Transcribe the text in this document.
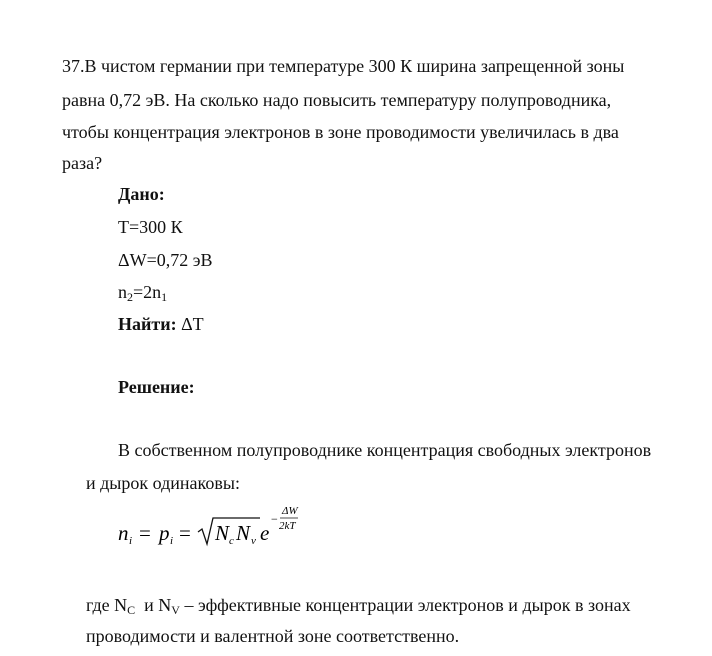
37.В чистом германии при температуре 300 К ширина запрещенной зоны
равна 0,72 эВ. На сколько надо повысить температуру полупроводника,
чтобы концентрация электронов в зоне проводимости увеличилась в два
раза?
Дано:
T=300 К
ΔW=0,72 эВ
$n_2=2n_1$
Найти: ΔT
Решение:
В собственном полупроводнике концентрация свободных электронов
и дырок одинаковы:
n i = p i = N c N v e
−
ΔW
2kT
где $N_C$ и $N_V$ – эффективные концентрации электронов и дырок в зонах
проводимости и валентной зоне соответственно.
